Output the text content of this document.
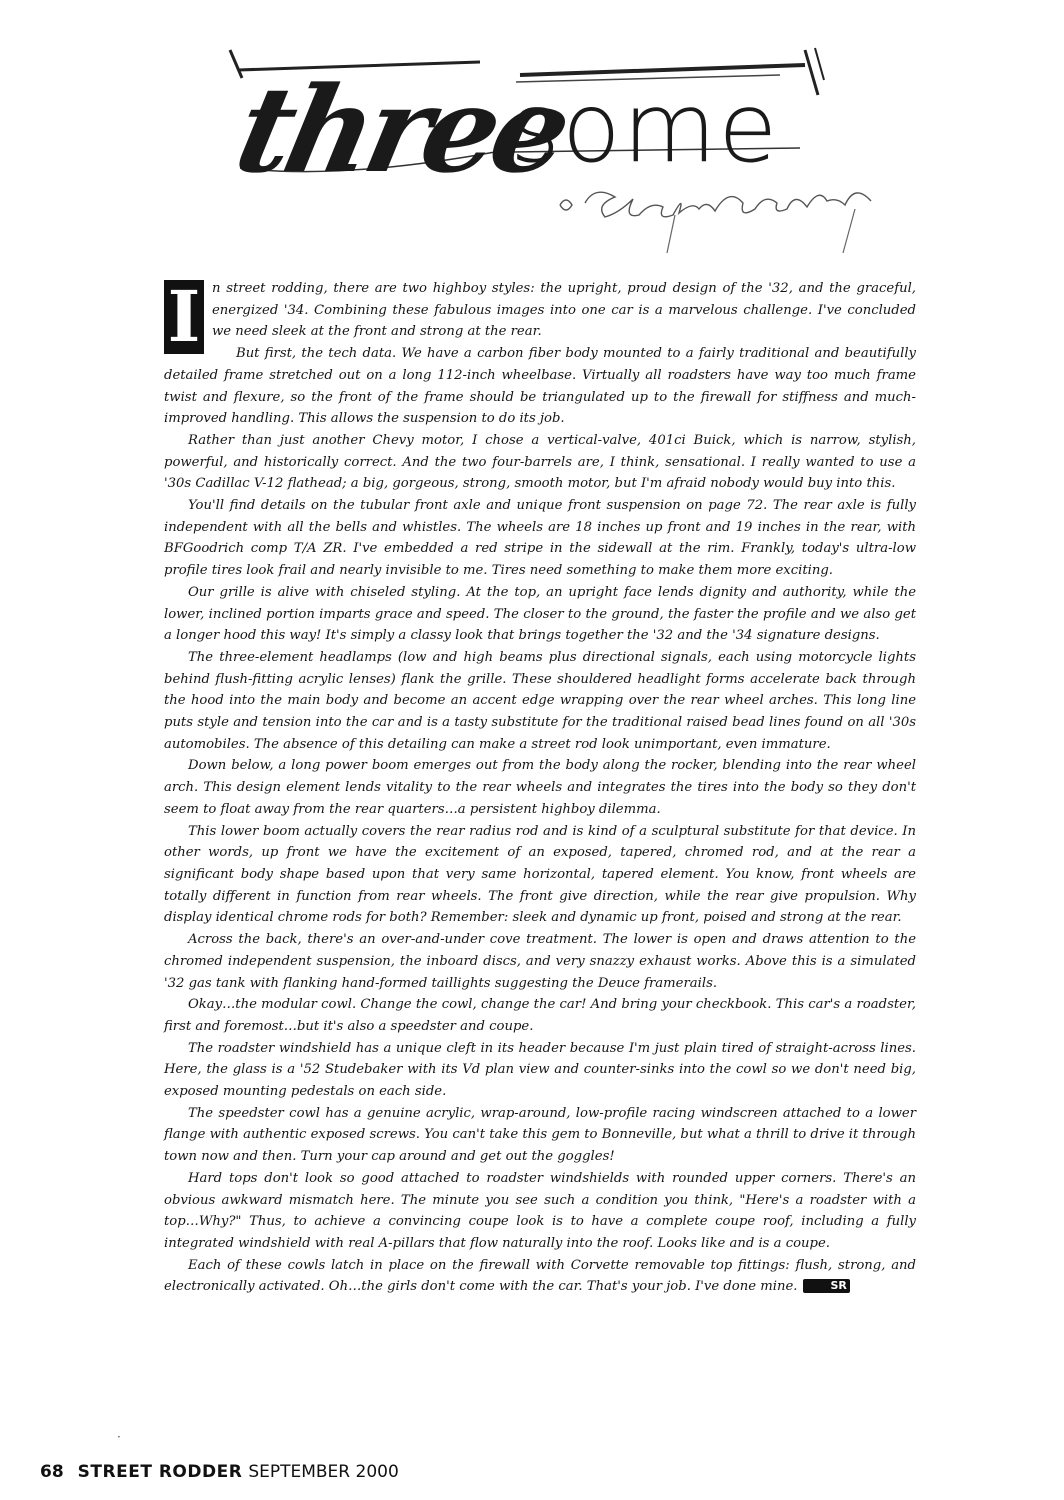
three
some

I n street rodding, there are two highboy styles: the upright, proud design of the '32, and the graceful, energized '34. Combining these fabulous images into one car is a marvelous challenge. I've concluded we need sleek at the front and strong at the rear.

But first, the tech data. We have a carbon fiber body mounted to a fairly traditional and beautifully detailed frame stretched out on a long 112-inch wheelbase. Virtually all roadsters have way too much frame twist and flexure, so the front of the frame should be triangulated up to the firewall for stiffness and much-improved handling. This allows the suspension to do its job.

Rather than just another Chevy motor, I chose a vertical-valve, 401ci Buick, which is narrow, stylish, powerful, and historically correct. And the two four-barrels are, I think, sensational. I really wanted to use a '30s Cadillac V-12 flathead; a big, gorgeous, strong, smooth motor, but I'm afraid nobody would buy into this.

You'll find details on the tubular front axle and unique front suspension on page 72. The rear axle is fully independent with all the bells and whistles. The wheels are 18 inches up front and 19 inches in the rear, with BFGoodrich comp T/A ZR. I've embedded a red stripe in the sidewall at the rim. Frankly, today's ultra-low profile tires look frail and nearly invisible to me. Tires need something to make them more exciting.

Our grille is alive with chiseled styling. At the top, an upright face lends dignity and authority, while the lower, inclined portion imparts grace and speed. The closer to the ground, the faster the profile and we also get a longer hood this way! It's simply a classy look that brings together the '32 and the '34 signature designs.

The three-element headlamps (low and high beams plus directional signals, each using motorcycle lights behind flush-fitting acrylic lenses) flank the grille. These shouldered headlight forms accelerate back through the hood into the main body and become an accent edge wrapping over the rear wheel arches. This long line puts style and tension into the car and is a tasty substitute for the traditional raised bead lines found on all '30s automobiles. The absence of this detailing can make a street rod look unimportant, even immature.

Down below, a long power boom emerges out from the body along the rocker, blending into the rear wheel arch. This design element lends vitality to the rear wheels and integrates the tires into the body so they don't seem to float away from the rear quarters…a persistent highboy dilemma.

This lower boom actually covers the rear radius rod and is kind of a sculptural substitute for that device. In other words, up front we have the excitement of an exposed, tapered, chromed rod, and at the rear a significant body shape based upon that very same horizontal, tapered element. You know, front wheels are totally different in function from rear wheels. The front give direction, while the rear give propulsion. Why display identical chrome rods for both? Remember: sleek and dynamic up front, poised and strong at the rear.

Across the back, there's an over-and-under cove treatment. The lower is open and draws attention to the chromed independent suspension, the inboard discs, and very snazzy exhaust works. Above this is a simulated '32 gas tank with flanking hand-formed taillights suggesting the Deuce framerails.

Okay…the modular cowl. Change the cowl, change the car! And bring your checkbook. This car's a roadster, first and foremost…but it's also a speedster and coupe.

The roadster windshield has a unique cleft in its header because I'm just plain tired of straight-across lines. Here, the glass is a '52 Studebaker with its Vd plan view and counter-sinks into the cowl so we don't need big, exposed mounting pedestals on each side.

The speedster cowl has a genuine acrylic, wrap-around, low-profile racing windscreen attached to a lower flange with authentic exposed screws. You can't take this gem to Bonneville, but what a thrill to drive it through town now and then. Turn your cap around and get out the goggles!

Hard tops don't look so good attached to roadster windshields with rounded upper corners. There's an obvious awkward mismatch here. The minute you see such a condition you think, "Here's a roadster with a top…Why?" Thus, to achieve a convincing coupe look is to have a complete coupe roof, including a fully integrated windshield with real A-pillars that flow naturally into the roof. Looks like and is a coupe.

Each of these cowls latch in place on the firewall with Corvette removable top fittings: flush, strong, and electronically activated. Oh…the girls don't come with the car. That's your job. I've done mine.	SR

·
68 STREET RODDER SEPTEMBER 2000
